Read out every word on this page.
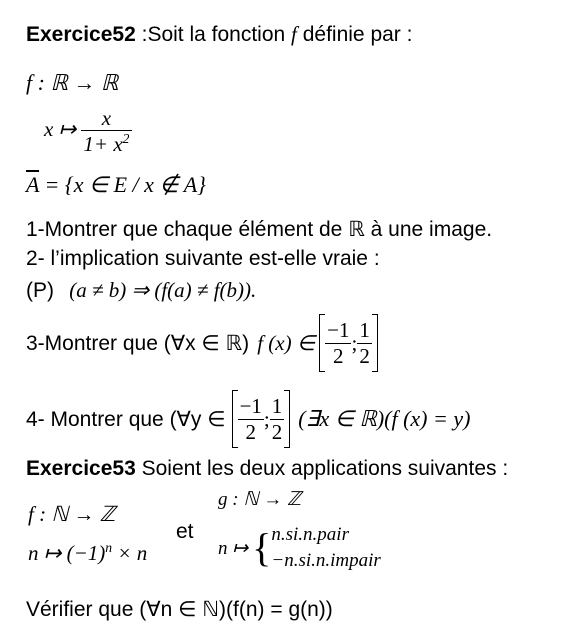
Exercice52 :Soit la fonction f définie par :
f : ℝ → ℝ
x ↦ $\frac{x}{1+ x^2}$
$\overline{A} = \{x$ ∈ E / x ∉ A}
1-Montrer que chaque élément de ℝ à une image.
2- l’implication suivante est-elle vraie :
(P) (a ≠ b) ⇒ (f(a) ≠ f(b)).
3-Montrer que (∀x ∈ ℝ) f (x) ∈ $\frac{-1}{2}$ ; $\frac{1}{2}$
4- Montrer que (∀y ∈ $\frac{-1}{2}$ ; $\frac{1}{2}$ (∃x ∈ ℝ)(f (x) = y)
Exercice53 Soient les deux applications suivantes :
f : ℕ → ℤ
n ↦ $(-1)^n \times n$
et
g : ℕ → ℤ
n ↦ { n.si.n.pair
−n.si.n.impair
Vérifier que (∀n ∈ ℕ)(f(n) = g(n))
